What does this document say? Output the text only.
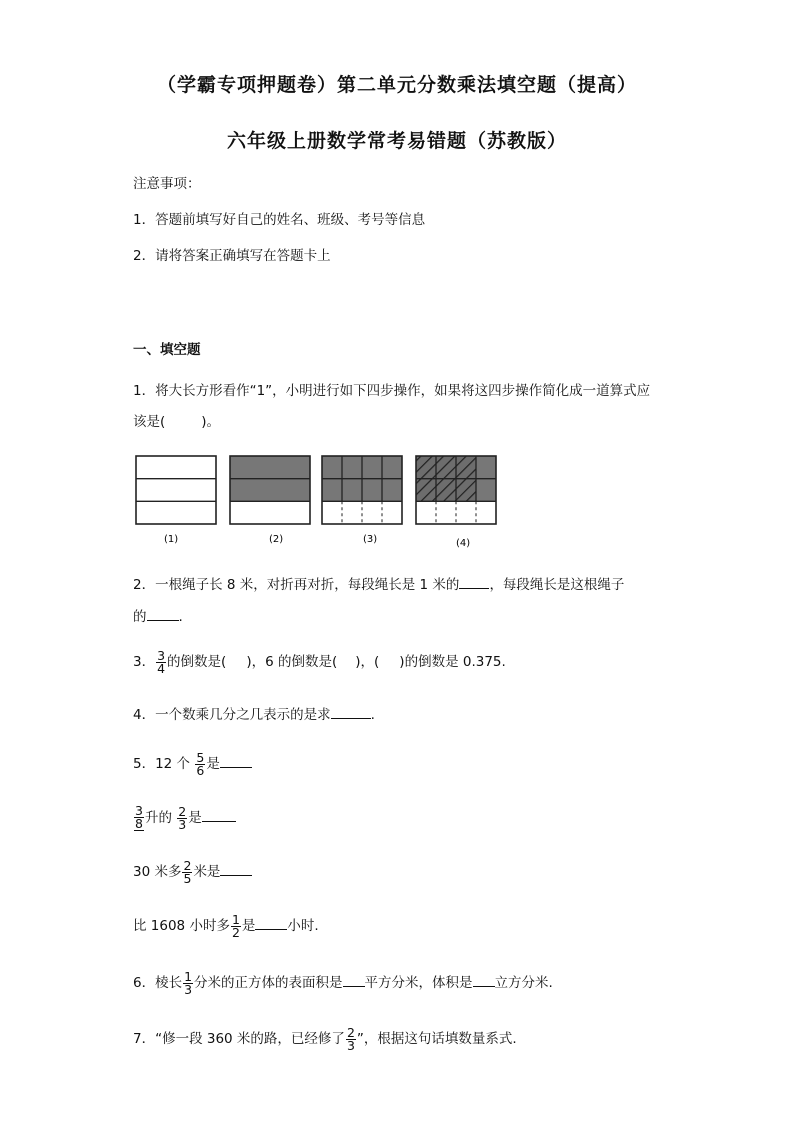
（学霸专项押题卷）第二单元分数乘法填空题（提高）
六年级上册数学常考易错题（苏教版）
注意事项：
1．答题前填写好自己的姓名、班级、考号等信息
2．请将答案正确填写在答题卡上
一、填空题
1．将大长方形看作“1”，小明进行如下四步操作，如果将这四步操作简化成一道算式应
该是(	)。
(1)	(2)	(3)	(4)
2．一根绳子长 8 米，对折再对折，每段绳长是 1 米的 ，每段绳长是这根绳子
的 .
3． $\frac{3}{4}$ 的倒数是( )，6 的倒数是( )，( )的倒数是 0.375.
4．一个数乘几分之几表示的是求	.
5．12 个 $\frac{5}{6}$ 是
$\frac{3}{8}$ 升的 $\frac{2}{3}$ 是
30 米多 $\frac{2}{5}$ 米是
比 1608 小时多 $\frac{1}{2}$ 是 小时.
6．棱长 $\frac{1}{3}$ 分米的正方体的表面积是 平方分米，体积是 立方分米.
7．“修一段 360 米的路，已经修了 $\frac{2}{3}$ ”，根据这句话填数量系式.
